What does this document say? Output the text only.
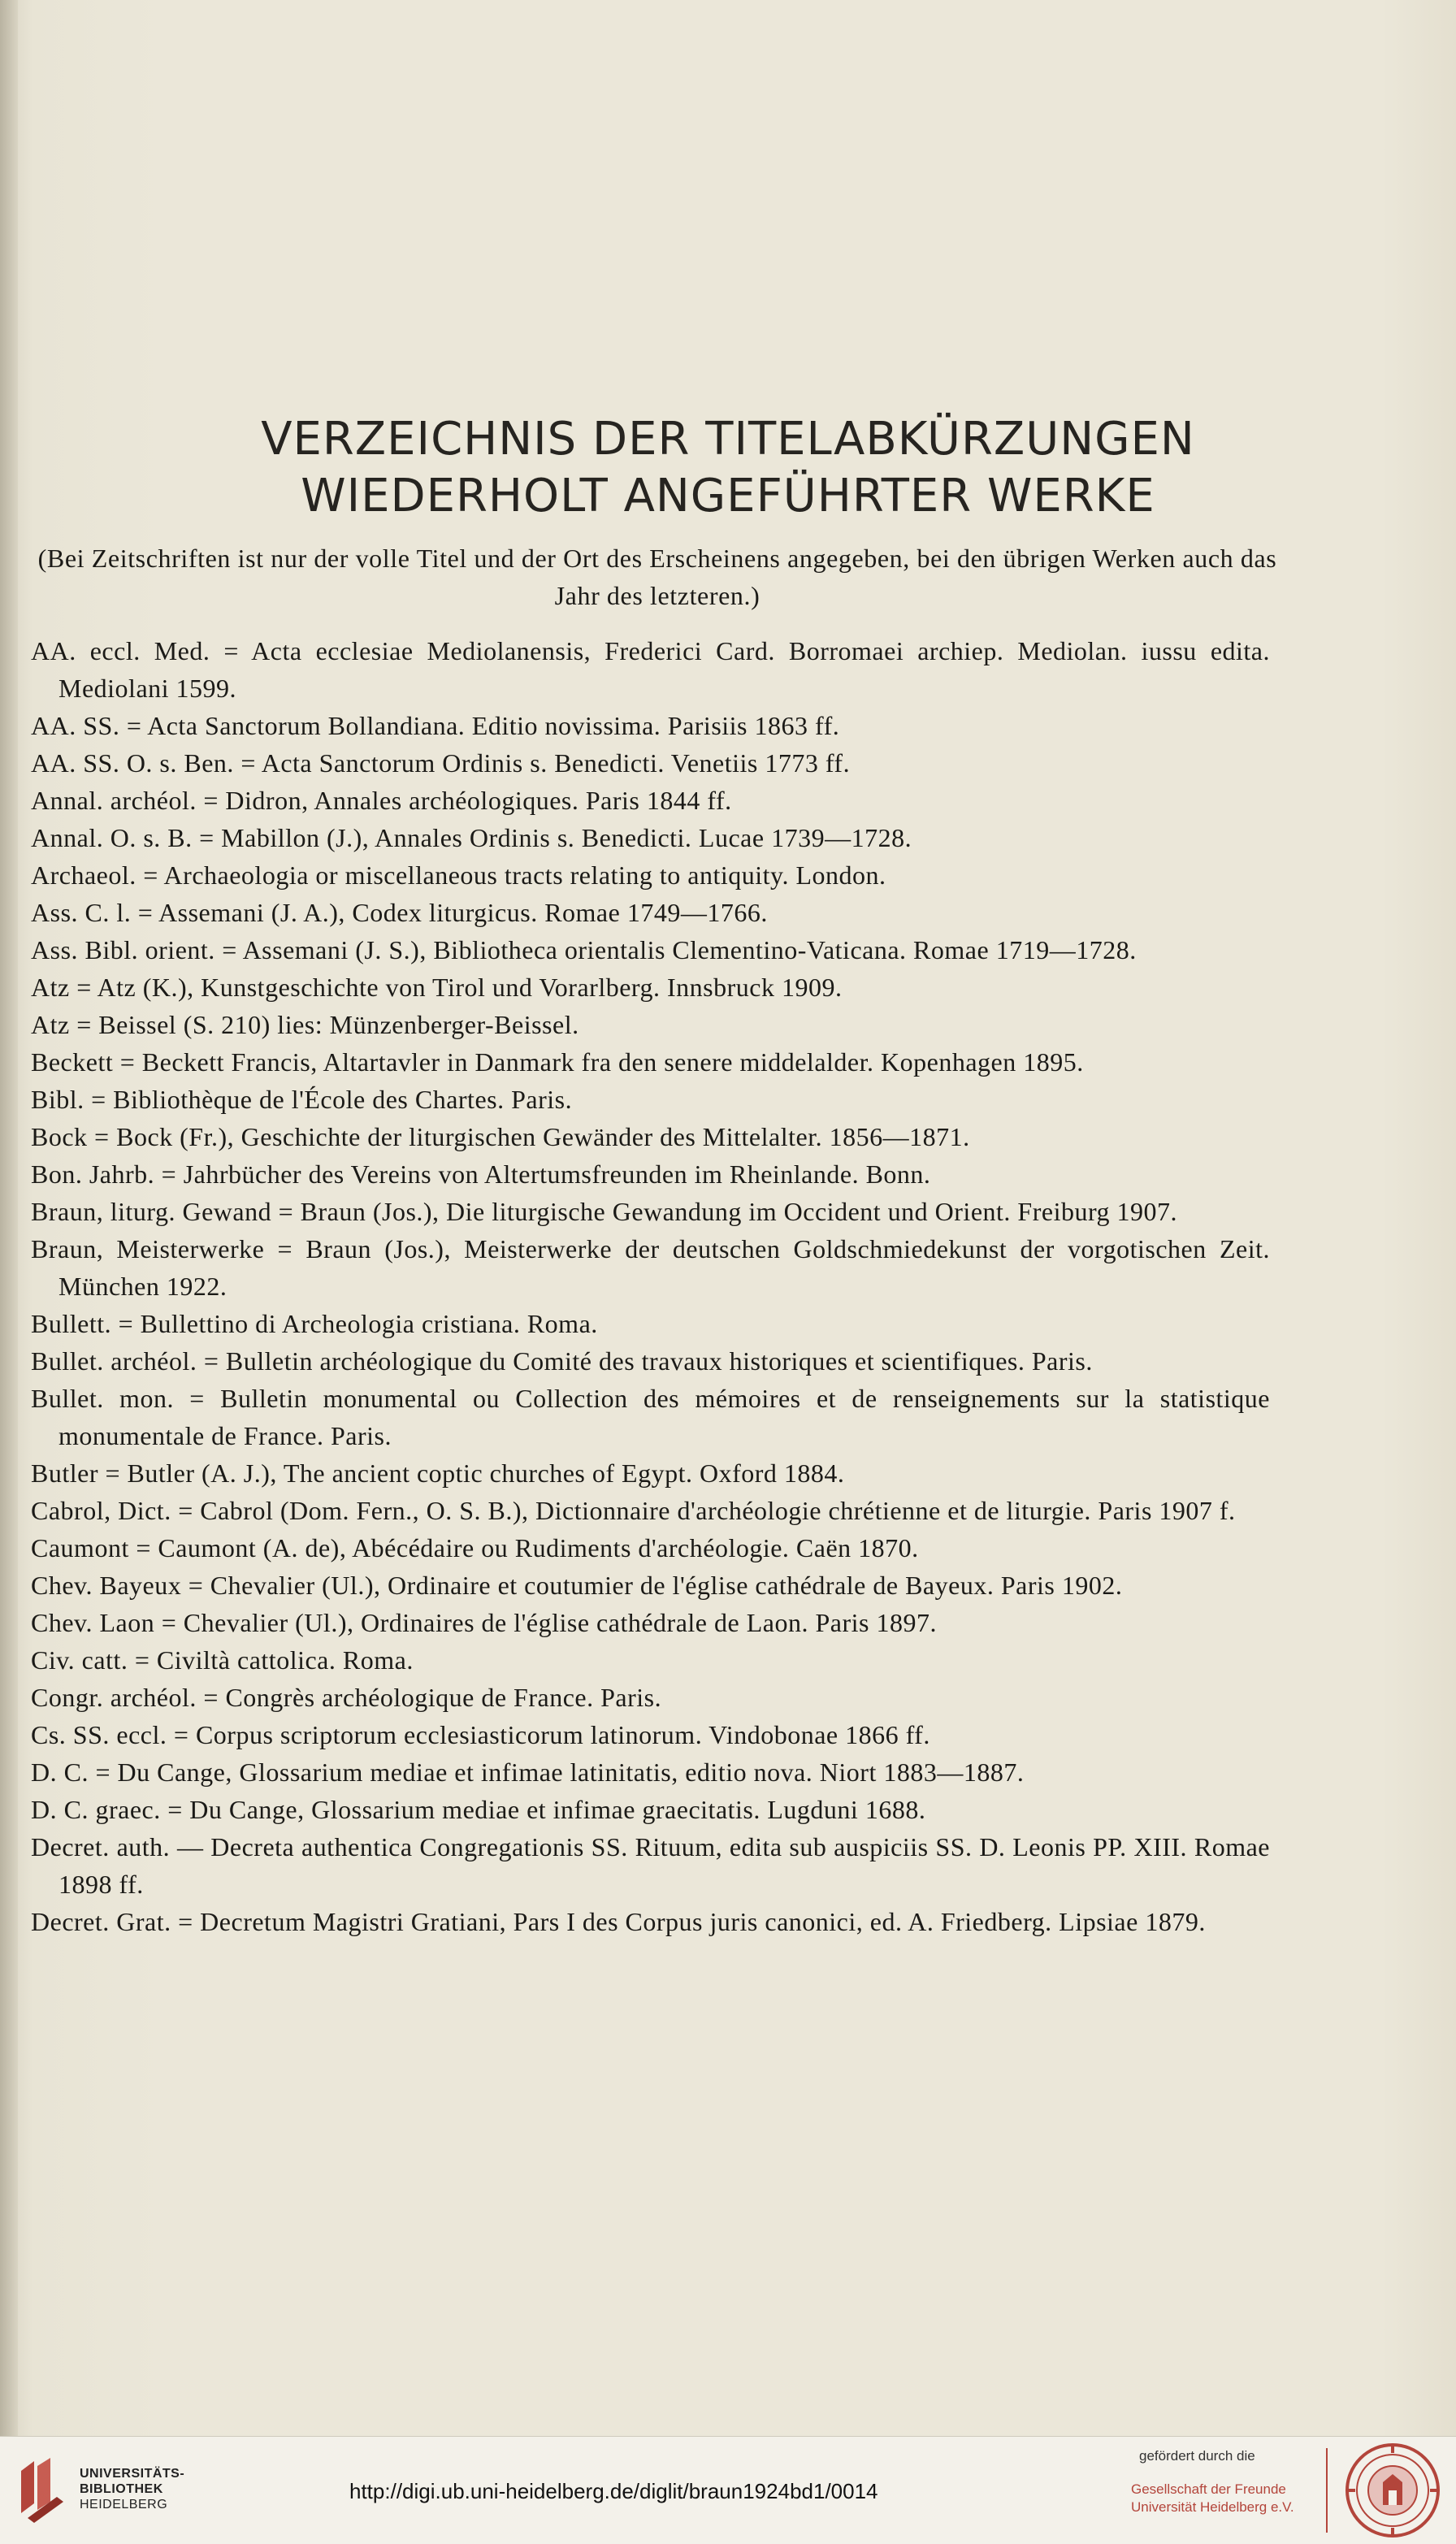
VERZEICHNIS DER TITELABKÜRZUNGEN
WIEDERHOLT ANGEFÜHRTER WERKE
(Bei Zeitschriften ist nur der volle Titel und der Ort des Erscheinens angegeben, bei den übrigen Werken auch das Jahr des letzteren.)
AA. eccl. Med. = Acta ecclesiae Mediolanensis, Frederici Card. Borromaei archiep. Mediolan. iussu edita. Mediolani 1599.
AA. SS. = Acta Sanctorum Bollandiana. Editio novissima. Parisiis 1863 ff.
AA. SS. O. s. Ben. = Acta Sanctorum Ordinis s. Benedicti. Venetiis 1773 ff.
Annal. archéol. = Didron, Annales archéologiques. Paris 1844 ff.
Annal. O. s. B. = Mabillon (J.), Annales Ordinis s. Benedicti. Lucae 1739—1728.
Archaeol. = Archaeologia or miscellaneous tracts relating to antiquity. London.
Ass. C. l. = Assemani (J. A.), Codex liturgicus. Romae 1749—1766.
Ass. Bibl. orient. = Assemani (J. S.), Bibliotheca orientalis Clementino-Vaticana. Romae 1719—1728.
Atz = Atz (K.), Kunstgeschichte von Tirol und Vorarlberg. Innsbruck 1909.
Atz = Beissel (S. 210) lies: Münzenberger-Beissel.
Beckett = Beckett Francis, Altartavler in Danmark fra den senere middelalder. Kopenhagen 1895.
Bibl. = Bibliothèque de l'École des Chartes. Paris.
Bock = Bock (Fr.), Geschichte der liturgischen Gewänder des Mittelalter. 1856—1871.
Bon. Jahrb. = Jahrbücher des Vereins von Altertumsfreunden im Rheinlande. Bonn.
Braun, liturg. Gewand = Braun (Jos.), Die liturgische Gewandung im Occident und Orient. Freiburg 1907.
Braun, Meisterwerke = Braun (Jos.), Meisterwerke der deutschen Goldschmiedekunst der vorgotischen Zeit. München 1922.
Bullett. = Bullettino di Archeologia cristiana. Roma.
Bullet. archéol. = Bulletin archéologique du Comité des travaux historiques et scientifiques. Paris.
Bullet. mon. = Bulletin monumental ou Collection des mémoires et de renseignements sur la statistique monumentale de France. Paris.
Butler = Butler (A. J.), The ancient coptic churches of Egypt. Oxford 1884.
Cabrol, Dict. = Cabrol (Dom. Fern., O. S. B.), Dictionnaire d'archéologie chrétienne et de liturgie. Paris 1907 f.
Caumont = Caumont (A. de), Abécédaire ou Rudiments d'archéologie. Caën 1870.
Chev. Bayeux = Chevalier (Ul.), Ordinaire et coutumier de l'église cathédrale de Bayeux. Paris 1902.
Chev. Laon = Chevalier (Ul.), Ordinaires de l'église cathédrale de Laon. Paris 1897.
Civ. catt. = Civiltà cattolica. Roma.
Congr. archéol. = Congrès archéologique de France. Paris.
Cs. SS. eccl. = Corpus scriptorum ecclesiasticorum latinorum. Vindobonae 1866 ff.
D. C. = Du Cange, Glossarium mediae et infimae latinitatis, editio nova. Niort 1883—1887.
D. C. graec. = Du Cange, Glossarium mediae et infimae graecitatis. Lugduni 1688.
Decret. auth. — Decreta authentica Congregationis SS. Rituum, edita sub auspiciis SS. D. Leonis PP. XIII. Romae 1898 ff.
Decret. Grat. = Decretum Magistri Gratiani, Pars I des Corpus juris canonici, ed. A. Friedberg. Lipsiae 1879.
UNIVERSITÄTS-
BIBLIOTHEK
HEIDELBERG
http://digi.ub.uni-heidelberg.de/diglit/braun1924bd1/0014
gefördert durch die
Gesellschaft der Freunde
Universität Heidelberg e.V.
